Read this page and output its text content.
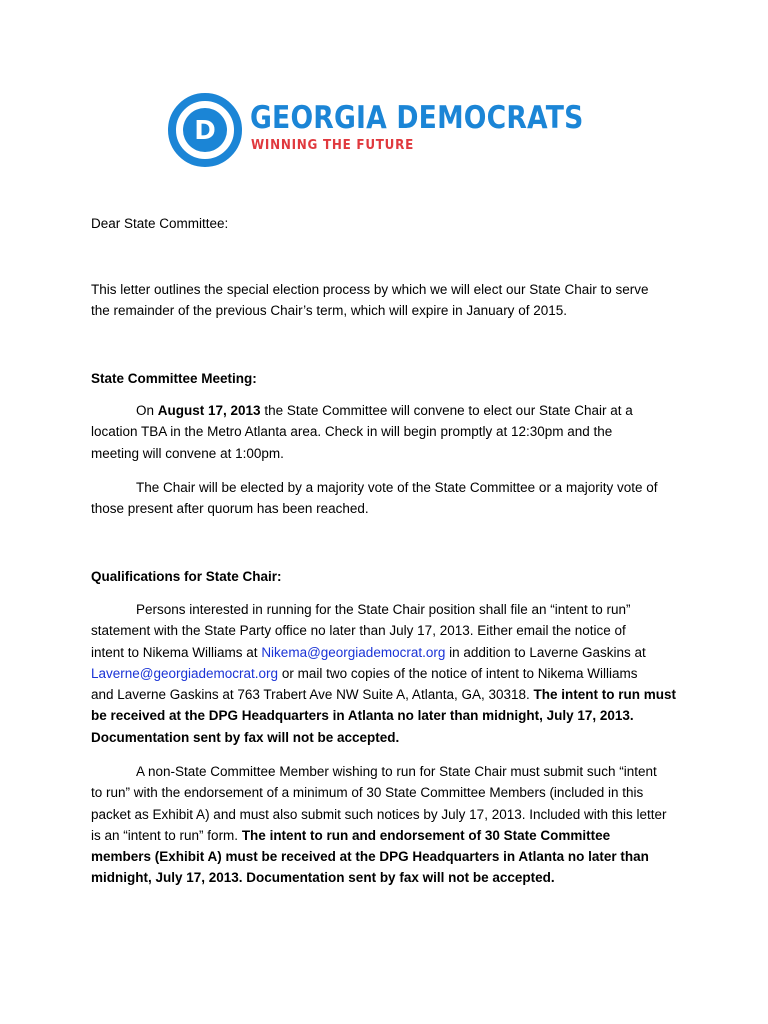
D GEORGIA DEMOCRATS
WINNING THE FUTURE
Dear State Committee:
This letter outlines the special election process by which we will elect our State Chair to serve
the remainder of the previous Chair’s term, which will expire in January of 2015.
State Committee Meeting:
On August 17, 2013 the State Committee will convene to elect our State Chair at a
location TBA in the Metro Atlanta area. Check in will begin promptly at 12:30pm and the
meeting will convene at 1:00pm.
The Chair will be elected by a majority vote of the State Committee or a majority vote of
those present after quorum has been reached.
Qualifications for State Chair:
Persons interested in running for the State Chair position shall file an “intent to run”
statement with the State Party office no later than July 17, 2013. Either email the notice of
intent to Nikema Williams at Nikema@georgiademocrat.org in addition to Laverne Gaskins at
Laverne@georgiademocrat.org or mail two copies of the notice of intent to Nikema Williams
and Laverne Gaskins at 763 Trabert Ave NW Suite A, Atlanta, GA, 30318. The intent to run must
be received at the DPG Headquarters in Atlanta no later than midnight, July 17, 2013.
Documentation sent by fax will not be accepted.
A non-State Committee Member wishing to run for State Chair must submit such “intent
to run” with the endorsement of a minimum of 30 State Committee Members (included in this
packet as Exhibit A) and must also submit such notices by July 17, 2013. Included with this letter
is an “intent to run” form. The intent to run and endorsement of 30 State Committee
members (Exhibit A) must be received at the DPG Headquarters in Atlanta no later than
midnight, July 17, 2013. Documentation sent by fax will not be accepted.
